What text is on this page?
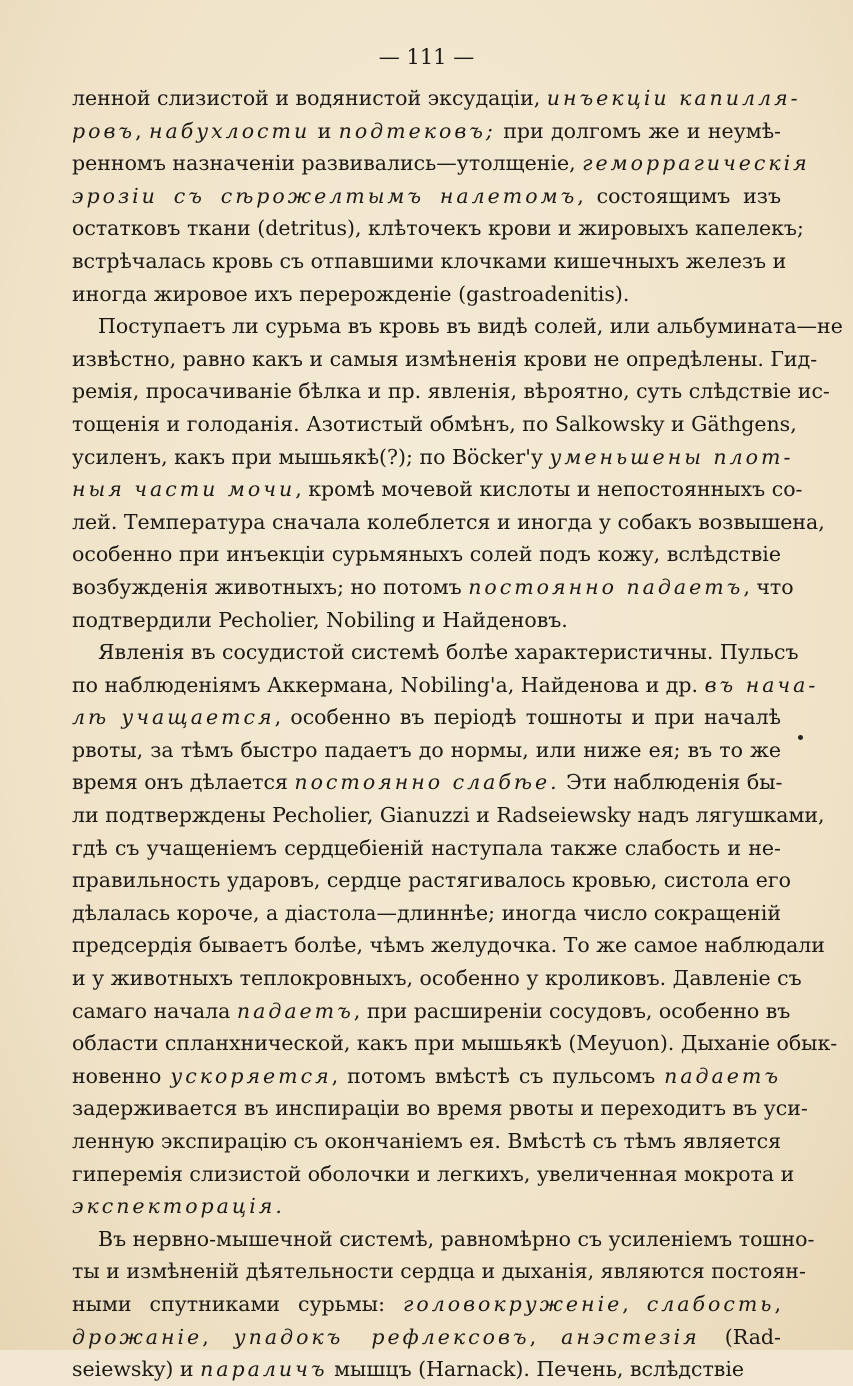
— 111 —
ленной слизистой и водянистой эксудаціи, инъекціи капилля-
ровъ, набухлости и подтековъ; при долгомъ же и неумѣ-
ренномъ назначеніи развивались—утолщеніе, геморрагическія
эрозіи съ сѣрожелтымъ налетомъ, состоящимъ изъ
остатковъ ткани (detritus), клѣточекъ крови и жировыхъ капелекъ;
встрѣчалась кровь съ отпавшими клочками кишечныхъ железъ и
иногда жировое ихъ перерожденіе (gastroadenitis).
Поступаетъ ли сурьма въ кровь въ видѣ солей, или альбумината—не
извѣстно, равно какъ и самыя измѣненія крови не опредѣлены. Гид-
ремія, просачиваніе бѣлка и пр. явленія, вѣроятно, суть слѣдствіе ис-
тощенія и голоданія. Азотистый обмѣнъ, по Salkowsky и Gäthgens,
усиленъ, какъ при мышьякѣ(?); по Böcker'у уменьшены плот-
ныя части мочи, кромѣ мочевой кислоты и непостоянныхъ со-
лей. Температура сначала колеблется и иногда у собакъ возвышена,
особенно при инъекціи сурьмяныхъ солей подъ кожу, вслѣдствіе
возбужденія животныхъ; но потомъ постоянно падаетъ, что
подтвердили Pecholier, Nobiling и Найденовъ.
Явленія въ сосудистой системѣ болѣе характеристичны. Пульсъ
по наблюденіямъ Аккермана, Nobiling'а, Найденова и др. въ нача-
лѣ учащается, особенно въ періодѣ тошноты и при началѣ
рвоты, за тѣмъ быстро падаетъ до нормы, или ниже ея; въ то же
время онъ дѣлается постоянно слабѣе. Эти наблюденія бы-
ли подтверждены Pecholier, Gianuzzi и Radseiewsky надъ лягушками,
гдѣ съ учащеніемъ сердцебіеній наступала также слабость и не-
правильность ударовъ, сердце растягивалось кровью, систола его
дѣлалась короче, а діастола—длиннѣе; иногда число сокращеній
предсердія бываетъ болѣе, чѣмъ желудочка. То же самое наблюдали
и у животныхъ теплокровныхъ, особенно у кроликовъ. Давленіе съ
самаго начала падаетъ, при расширеніи сосудовъ, особенно въ
области спланхнической, какъ при мышьякѣ (Meyuon). Дыханіе обык-
новенно ускоряется, потомъ вмѣстѣ съ пульсомъ падаетъ
задерживается въ инспираціи во время рвоты и переходитъ въ уси-
ленную экспирацію съ окончаніемъ ея. Вмѣстѣ съ тѣмъ является
гиперемія слизистой оболочки и легкихъ, увеличенная мокрота и
экспекторація.
Въ нервно-мышечной системѣ, равномѣрно съ усиленіемъ тошно-
ты и измѣненій дѣятельности сердца и дыханія, являются постоян-
ными спутниками сурьмы: головокруженіе, слабость,
дрожаніе, упадокъ рефлексовъ, анэстезія (Rad-
seiewsky) и параличъ мышцъ (Harnack). Печень, вслѣдствіе
